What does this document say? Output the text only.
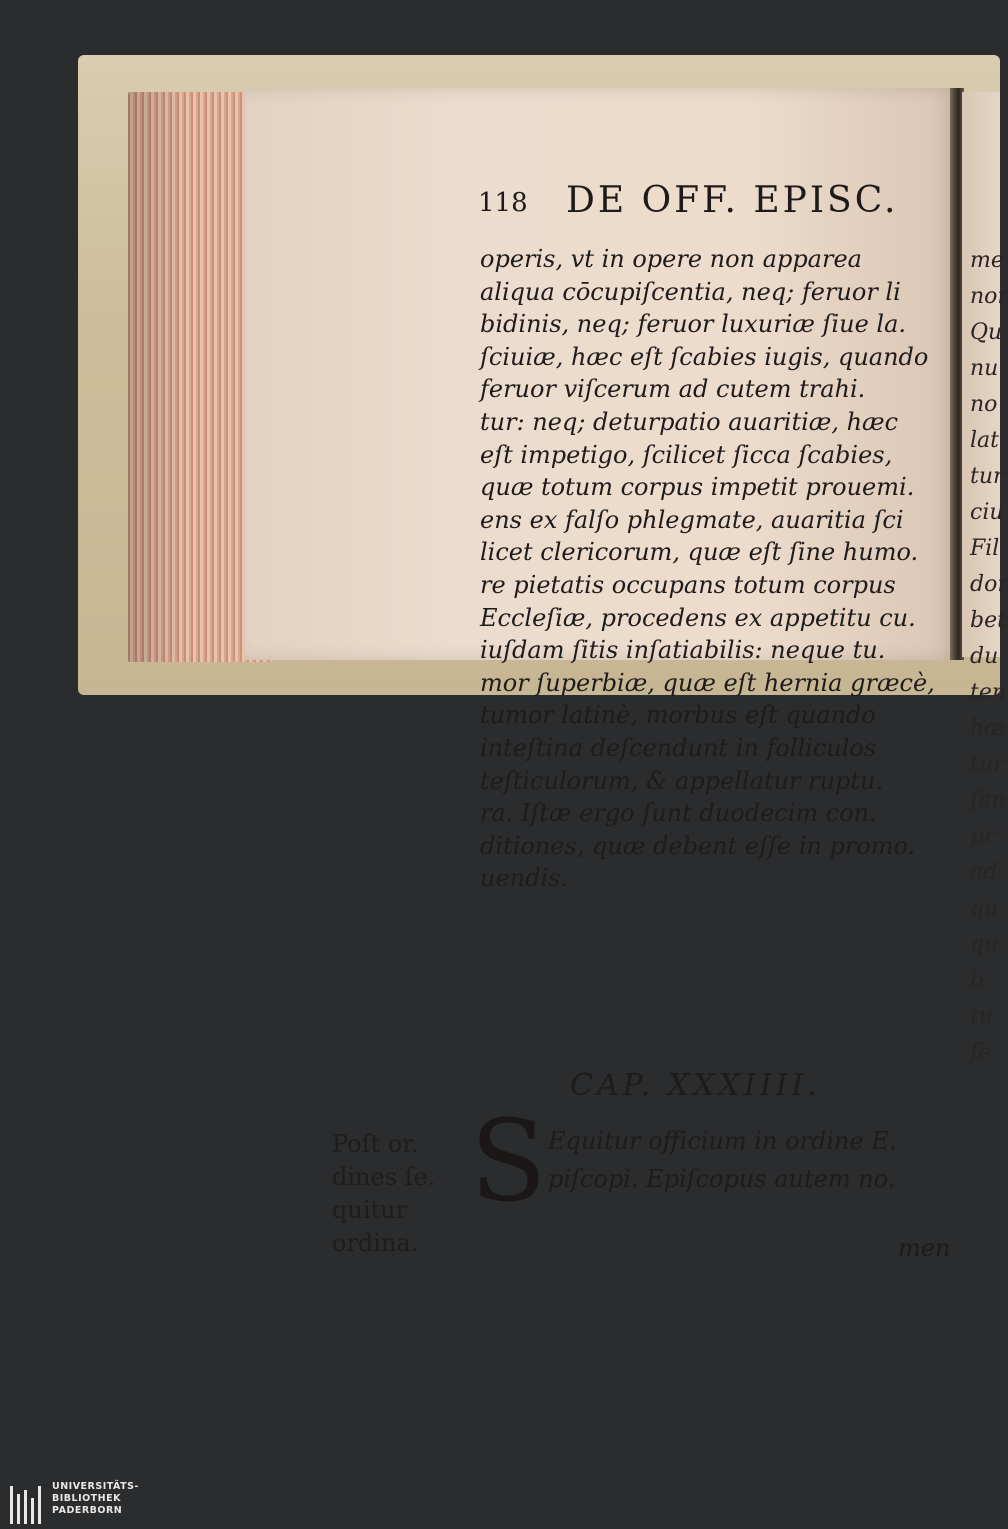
118 DE OFF. EPISC.
operis, vt in opere non apparea
aliqua cōcupiſcentia, neq; feruor li
bidinis, neq; feruor luxuriæ ſiue la.
ſciuiæ, hæc eſt ſcabies iugis, quando
feruor viſcerum ad cutem trahi.
tur: neq; deturpatio auaritiæ, hæc
eſt impetigo, ſcilicet ſicca ſcabies,
quæ totum corpus impetit prouemi.
ens ex falſo phlegmate, auaritia ſci
licet clericorum, quæ eſt ſine humo.
re pietatis occupans totum corpus
Eccleſiæ, procedens ex appetitu cu.
iuſdam ſitis inſatiabilis: neque tu.
mor ſuperbiæ, quæ eſt hernia græcè,
tumor latinè, morbus eſt quando
inteſtina deſcendunt in folliculos
teſticulorum, & appellatur ruptu.
ra. Iſtæ ergo ſunt duodecim con.
ditiones, quæ debent eſſe in promo.
uendis.
CAP. XXXIIII.
S Equitur officium in ordine E.
piſcopi. Epiſcopus autem no.
men
Poſt or.
dines ſe.
quitur
ordina.
me
nor
Qu
nu
no
lat
tur
ciu
Fil
dor
bet
du
ten
hæ
tur
ſan
pr
ad
qu
qu
b
tu
ſe
UNIVERSITÄTS-
BIBLIOTHEK
PADERBORN
